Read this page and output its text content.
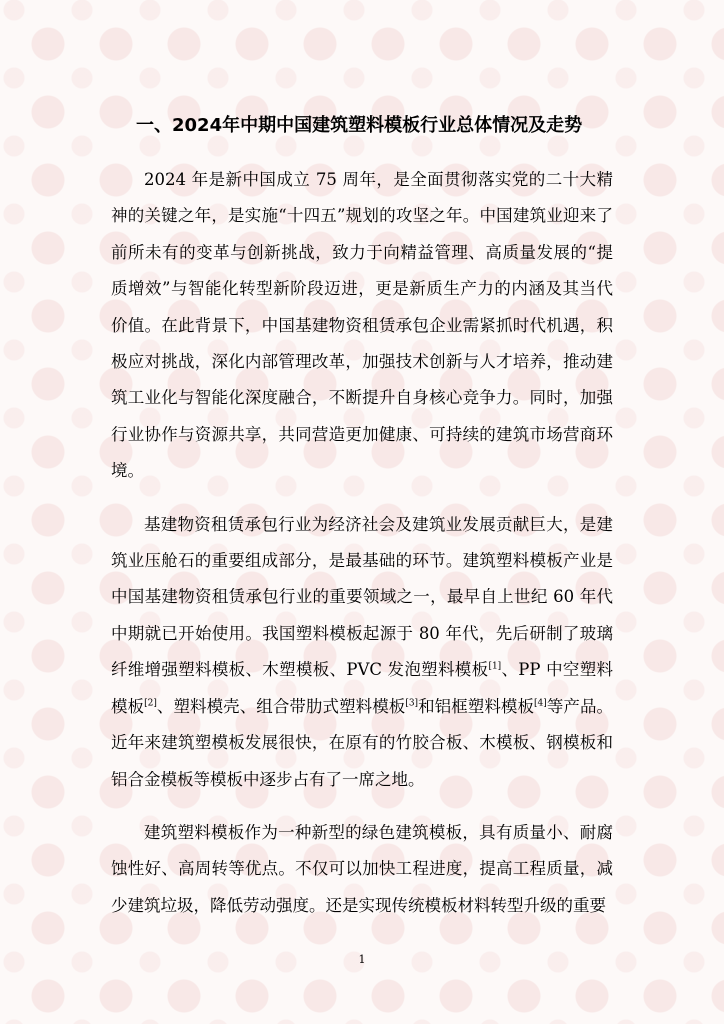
一、2024年中期中国建筑塑料模板行业总体情况及走势

2024 年是新中国成立 75 周年，是全面贯彻落实党的二十大精神的关键之年，是实施“十四五”规划的攻坚之年。中国建筑业迎来了前所未有的变革与创新挑战，致力于向精益管理、高质量发展的“提质增效”与智能化转型新阶段迈进，更是新质生产力的内涵及其当代价值。在此背景下，中国基建物资租赁承包企业需紧抓时代机遇，积极应对挑战，深化内部管理改革，加强技术创新与人才培养，推动建筑工业化与智能化深度融合，不断提升自身核心竞争力。同时，加强行业协作与资源共享，共同营造更加健康、可持续的建筑市场营商环境。

基建物资租赁承包行业为经济社会及建筑业发展贡献巨大，是建筑业压舱石的重要组成部分，是最基础的环节。建筑塑料模板产业是中国基建物资租赁承包行业的重要领域之一，最早自上世纪 60 年代中期就已开始使用。我国塑料模板起源于 80 年代，先后研制了玻璃纤维增强塑料模板、木塑模板、PVC 发泡塑料模板[1]、PP 中空塑料模板[2]、塑料模壳、组合带肋式塑料模板[3]和铝框塑料模板[4]等产品。近年来建筑塑模板发展很快，在原有的竹胶合板、木模板、钢模板和铝合金模板等模板中逐步占有了一席之地。

建筑塑料模板作为一种新型的绿色建筑模板，具有质量小、耐腐蚀性好、高周转等优点。不仅可以加快工程进度，提高工程质量，减少建筑垃圾，降低劳动强度。还是实现传统模板材料转型升级的重要

1
